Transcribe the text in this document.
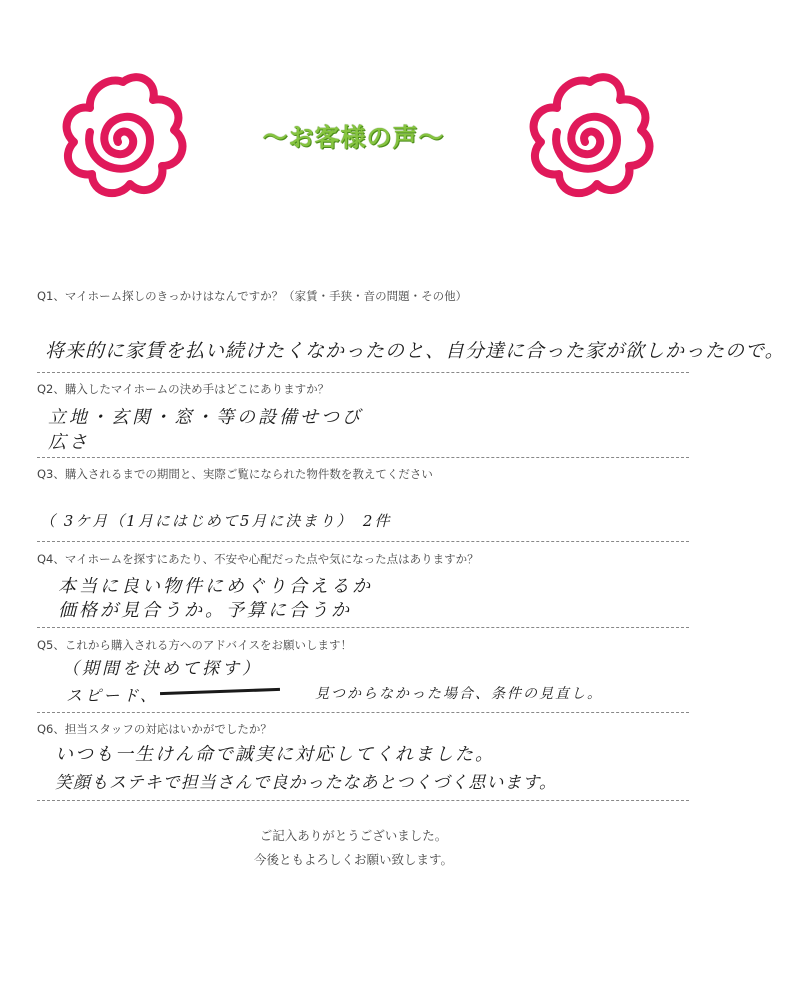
～お客様の声～
Q1、マイホーム探しのきっかけはなんですか？（家賃・手狭・音の問題・その他）
将来的に家賃を払い続けたくなかったのと、自分達に合った家が欲しかったので。
Q2、購入したマイホームの決め手はどこにありますか？
立地・玄関・窓・等の設備せつび
広さ
Q3、購入されるまでの期間と、実際ご覧になられた物件数を教えてください
（ 3ケ月（1月にはじめて5月に決まり）　2件
Q4、マイホームを探すにあたり、不安や心配だった点や気になった点はありますか？
本当に良い物件にめぐり合えるか
価格が見合うか。予算に合うか
Q5、これから購入される方へのアドバイスをお願いします！
（期間を決めて探す）
スピード、	見つからなかった場合、条件の見直し。
Q6、担当スタッフの対応はいかがでしたか？
いつも一生けん命で誠実に対応してくれました。
笑顔もステキで担当さんで良かったなあとつくづく思います。
ご記入ありがとうございました。
今後ともよろしくお願い致します。
